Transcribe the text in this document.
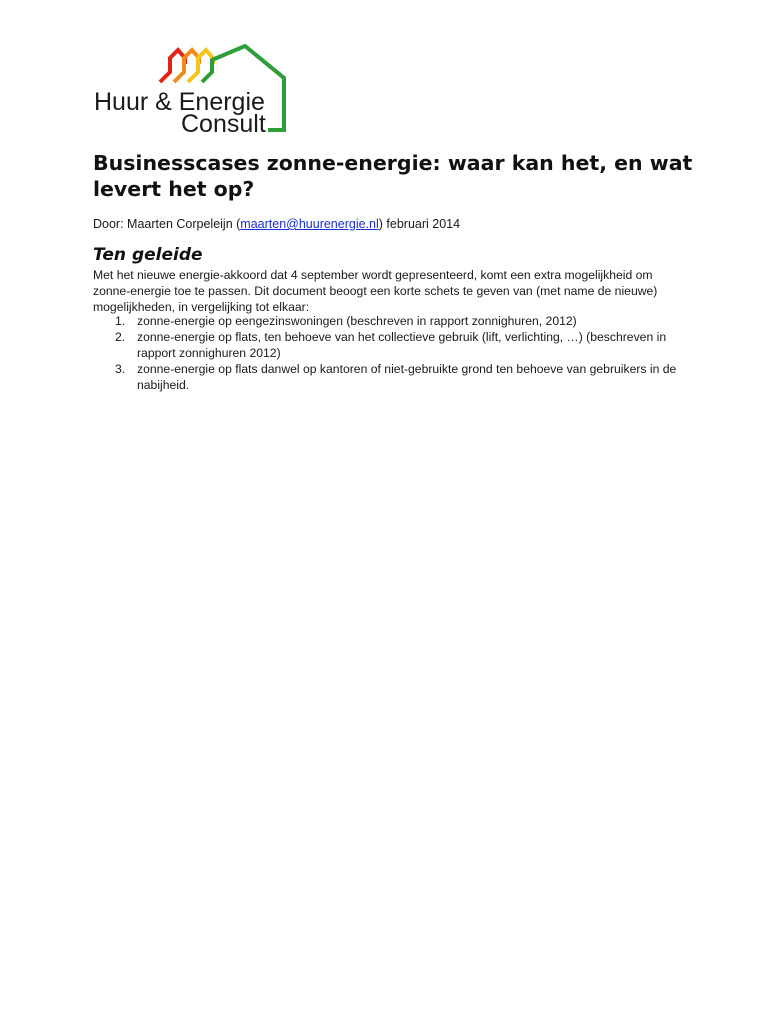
Huur & Energie
Consult
Businesscases zonne-energie: waar kan het, en wat levert het op?
Door: Maarten Corpeleijn (maarten@huurenergie.nl) februari 2014
Ten geleide

Met het nieuwe energie-akkoord dat 4 september wordt gepresenteerd, komt een extra mogelijkheid om zonne-energie toe te passen. Dit document beoogt een korte schets te geven van (met name de nieuwe) mogelijkheden, in vergelijking tot elkaar:

1. zonne-energie op eengezinswoningen (beschreven in rapport zonnighuren, 2012)
2. zonne-energie op flats, ten behoeve van het collectieve gebruik (lift, verlichting, …) (beschreven in rapport zonnighuren 2012)
3. zonne-energie op flats danwel op kantoren of niet-gebruikte grond ten behoeve van gebruikers in de nabijheid.
